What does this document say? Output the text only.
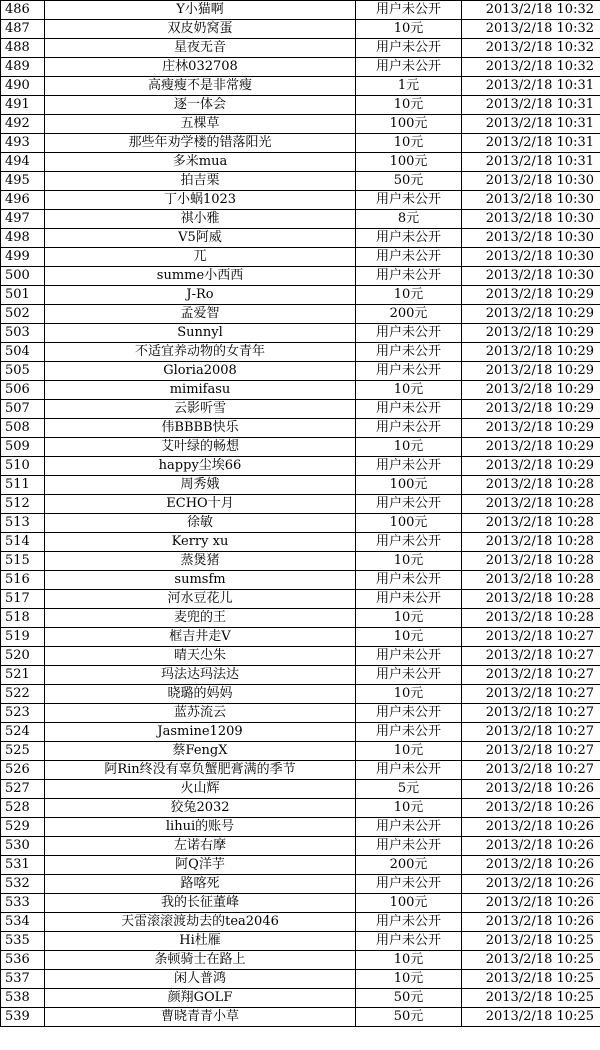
486	Y小猫啊	用户未公开	2013/2/18 10:32
487	双皮奶窝蛋	10元	2013/2/18 10:32
488	星夜无音	用户未公开	2013/2/18 10:32
489	庄林032708	用户未公开	2013/2/18 10:32
490	高瘦瘦不是非常瘦	1元	2013/2/18 10:31
491	逐一体会	10元	2013/2/18 10:31
492	五棵草	100元	2013/2/18 10:31
493	那些年劝学楼的错落阳光	10元	2013/2/18 10:31
494	多米mua	100元	2013/2/18 10:31
495	拍吉栗	50元	2013/2/18 10:30
496	丁小蜗1023	用户未公开	2013/2/18 10:30
497	祺小雅	8元	2013/2/18 10:30
498	V5阿威	用户未公开	2013/2/18 10:30
499	兀	用户未公开	2013/2/18 10:30
500	summe小西西	用户未公开	2013/2/18 10:30
501	J-Ro	10元	2013/2/18 10:29
502	孟爱智	200元	2013/2/18 10:29
503	Sunnyl	用户未公开	2013/2/18 10:29
504	不适宜养动物的女青年	用户未公开	2013/2/18 10:29
505	Gloria2008	用户未公开	2013/2/18 10:29
506	mimifasu	10元	2013/2/18 10:29
507	云影听雪	用户未公开	2013/2/18 10:29
508	伟BBBB快乐	用户未公开	2013/2/18 10:29
509	艾叶绿的畅想	10元	2013/2/18 10:29
510	happy尘埃66	用户未公开	2013/2/18 10:29
511	周秀娥	100元	2013/2/18 10:28
512	ECHO十月	用户未公开	2013/2/18 10:28
513	徐敏	100元	2013/2/18 10:28
514	Kerry xu	用户未公开	2013/2/18 10:28
515	蒸煲猪	10元	2013/2/18 10:28
516	sumsfm	用户未公开	2013/2/18 10:28
517	河水豆花儿	用户未公开	2013/2/18 10:28
518	麦兜的王	10元	2013/2/18 10:28
519	框吉井走V	10元	2013/2/18 10:27
520	晴天尐朱	用户未公开	2013/2/18 10:27
521	玛法达玛法达	用户未公开	2013/2/18 10:27
522	晓璐的妈妈	10元	2013/2/18 10:27
523	蓝苏流云	用户未公开	2013/2/18 10:27
524	Jasmine1209	用户未公开	2013/2/18 10:27
525	蔡FengX	10元	2013/2/18 10:27
526	阿Rin终没有辜负蟹肥膏满的季节	用户未公开	2013/2/18 10:27
527	火山辉	5元	2013/2/18 10:26
528	狡兔2032	10元	2013/2/18 10:26
529	lihui的账号	用户未公开	2013/2/18 10:26
530	左诺右摩	用户未公开	2013/2/18 10:26
531	阿Q洋芋	200元	2013/2/18 10:26
532	路喀死	用户未公开	2013/2/18 10:26
533	我的长征董峰	100元	2013/2/18 10:26
534	天雷滚滚渡劫去的tea2046	用户未公开	2013/2/18 10:26
535	Hi杜雁	用户未公开	2013/2/18 10:25
536	条顿骑士在路上	10元	2013/2/18 10:25
537	闲人普鸿	10元	2013/2/18 10:25
538	颜翔GOLF	50元	2013/2/18 10:25
539	曹晓青青小草	50元	2013/2/18 10:25
